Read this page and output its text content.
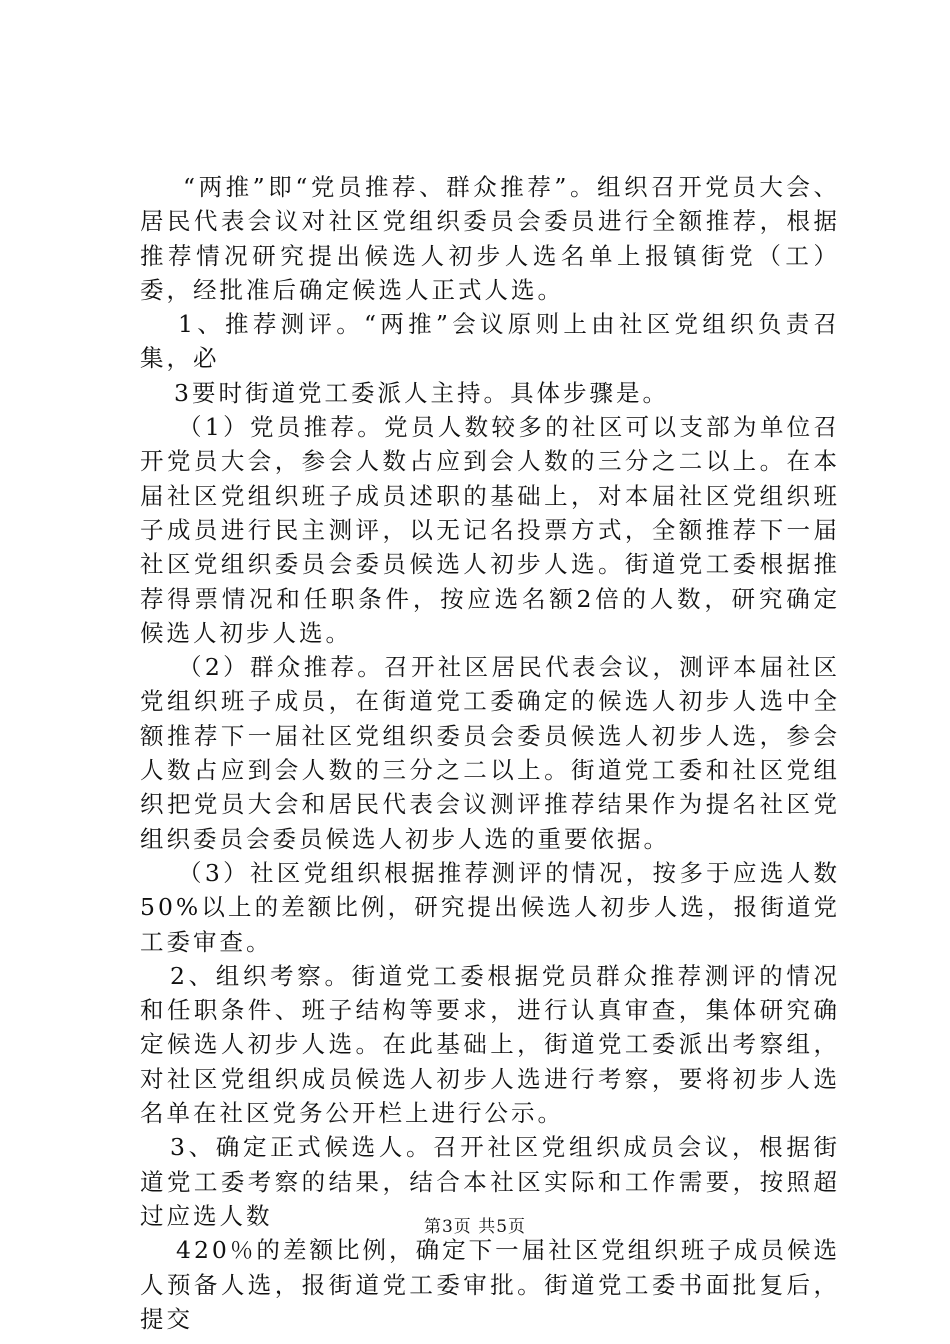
“两推”即“党员推荐、群众推荐”。组织召开党员大会、居民代表会议对社区党组织委员会委员进行全额推荐，根据推荐情况研究提出候选人初步人选名单上报镇街党（工）委，经批准后确定候选人正式人选。

1、推荐测评。“两推”会议原则上由社区党组织负责召集，必

3要时街道党工委派人主持。具体步骤是。

（1）党员推荐。党员人数较多的社区可以支部为单位召开党员大会，参会人数占应到会人数的三分之二以上。在本届社区党组织班子成员述职的基础上，对本届社区党组织班子成员进行民主测评，以无记名投票方式，全额推荐下一届社区党组织委员会委员候选人初步人选。街道党工委根据推荐得票情况和任职条件，按应选名额2倍的人数，研究确定候选人初步人选。

（2）群众推荐。召开社区居民代表会议，测评本届社区党组织班子成员，在街道党工委确定的候选人初步人选中全额推荐下一届社区党组织委员会委员候选人初步人选，参会人数占应到会人数的三分之二以上。街道党工委和社区党组织把党员大会和居民代表会议测评推荐结果作为提名社区党组织委员会委员候选人初步人选的重要依据。

（3）社区党组织根据推荐测评的情况，按多于应选人数50%以上的差额比例，研究提出候选人初步人选，报街道党工委审查。

2、组织考察。街道党工委根据党员群众推荐测评的情况和任职条件、班子结构等要求，进行认真审查，集体研究确定候选人初步人选。在此基础上，街道党工委派出考察组，对社区党组织成员候选人初步人选进行考察，要将初步人选名单在社区党务公开栏上进行公示。

3、确定正式候选人。召开社区党组织成员会议，根据街道党工委考察的结果，结合本社区实际和工作需要，按照超过应选人数

420％的差额比例，确定下一届社区党组织班子成员候选人预备人选，报街道党工委审批。街道党工委书面批复后，提交

第3页 共5页
